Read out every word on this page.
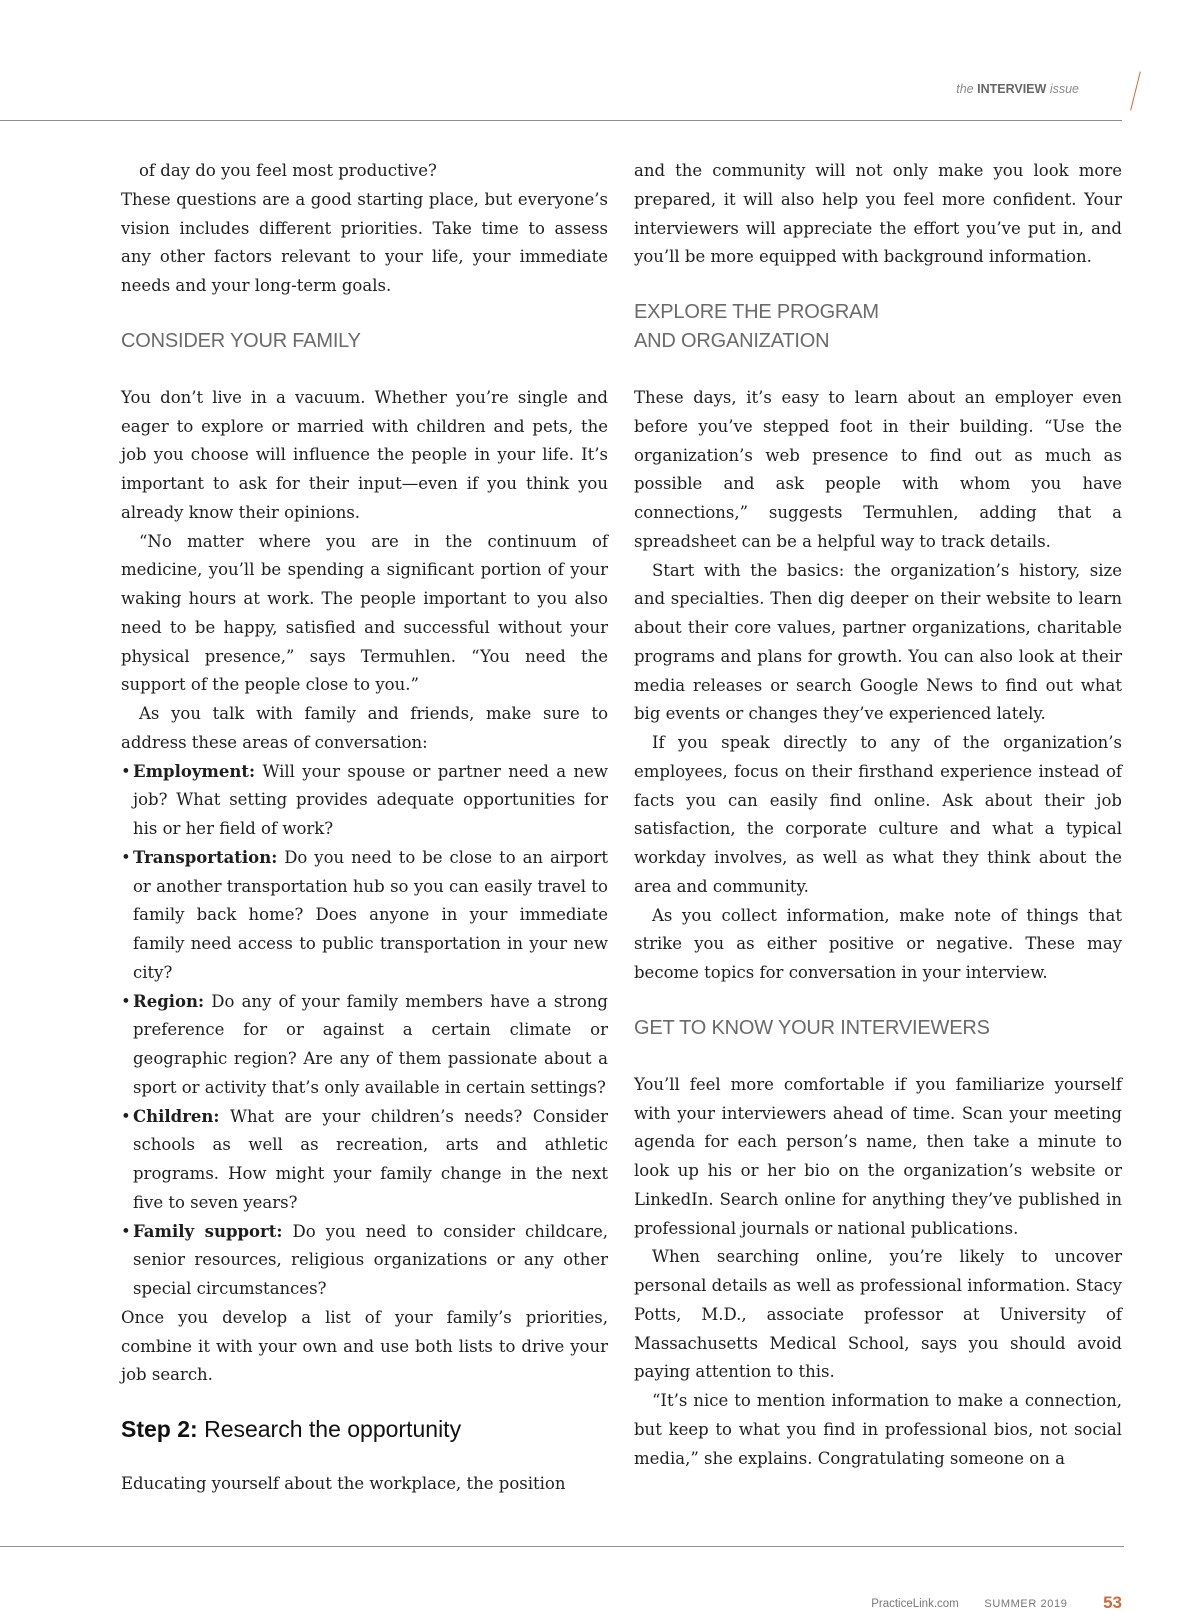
the INTERVIEW issue

of day do you feel most productive?

These questions are a good starting place, but everyone’s vision includes different priorities. Take time to assess any other factors relevant to your life, your immediate needs and your long-term goals.

CONSIDER YOUR FAMILY

You don’t live in a vacuum. Whether you’re single and eager to explore or married with children and pets, the job you choose will influence the people in your life. It’s important to ask for their input—even if you think you already know their opinions.

“No matter where you are in the continuum of medicine, you’ll be spending a significant portion of your waking hours at work. The people important to you also need to be happy, satisfied and successful without your physical presence,” says Termuhlen. “You need the support of the people close to you.”

As you talk with family and friends, make sure to address these areas of conversation:

• Employment: Will your spouse or partner need a new job? What setting provides adequate opportunities for his or her field of work?
• Transportation: Do you need to be close to an airport or another transportation hub so you can easily travel to family back home? Does anyone in your immediate family need access to public transportation in your new city?
• Region: Do any of your family members have a strong preference for or against a certain climate or geographic region? Are any of them passionate about a sport or activity that’s only available in certain settings?
• Children: What are your children’s needs? Consider schools as well as recreation, arts and athletic programs. How might your family change in the next five to seven years?
• Family support: Do you need to consider childcare, senior resources, religious organizations or any other special circumstances?

Once you develop a list of your family’s priorities, combine it with your own and use both lists to drive your job search.

Step 2: Research the opportunity

Educating yourself about the workplace, the position

and the community will not only make you look more prepared, it will also help you feel more confident. Your interviewers will appreciate the effort you’ve put in, and you’ll be more equipped with background information.

EXPLORE THE PROGRAM
AND ORGANIZATION

These days, it’s easy to learn about an employer even before you’ve stepped foot in their building. “Use the organization’s web presence to find out as much as possible and ask people with whom you have connections,” suggests Termuhlen, adding that a spreadsheet can be a helpful way to track details.

Start with the basics: the organization’s history, size and specialties. Then dig deeper on their website to learn about their core values, partner organizations, charitable programs and plans for growth. You can also look at their media releases or search Google News to find out what big events or changes they’ve experienced lately.

If you speak directly to any of the organization’s employees, focus on their firsthand experience instead of facts you can easily find online. Ask about their job satisfaction, the corporate culture and what a typical workday involves, as well as what they think about the area and community.

As you collect information, make note of things that strike you as either positive or negative. These may become topics for conversation in your interview.

GET TO KNOW YOUR INTERVIEWERS

You’ll feel more comfortable if you familiarize yourself with your interviewers ahead of time. Scan your meeting agenda for each person’s name, then take a minute to look up his or her bio on the organization’s website or LinkedIn. Search online for anything they’ve published in professional journals or national publications.

When searching online, you’re likely to uncover personal details as well as professional information. Stacy Potts, M.D., associate professor at University of Massachusetts Medical School, says you should avoid paying attention to this.

“It’s nice to mention information to make a connection, but keep to what you find in professional bios, not social media,” she explains. Congratulating someone on a

PracticeLink.com SUMMER 2019 53
